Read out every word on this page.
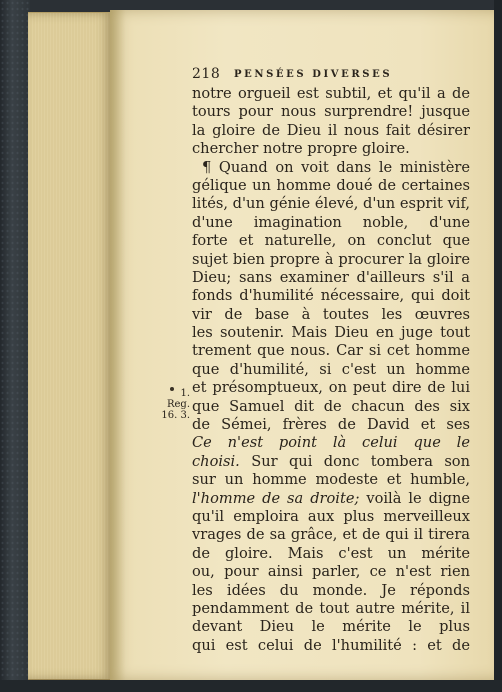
218 PENSÉES DIVERSES
1. Reg.
16. 3.
notre orgueil est subtil, et qu'il a de
tours pour nous surprendre! jusque
la gloire de Dieu il nous fait désirer
chercher notre propre gloire.
¶ Quand on voit dans le ministère
gélique un homme doué de certaines
lités, d'un génie élevé, d'un esprit vif,
d'une imagination noble, d'une
forte et naturelle, on conclut que
sujet bien propre à procurer la gloire
Dieu; sans examiner d'ailleurs s'il a
fonds d'humilité nécessaire, qui doit
vir de base à toutes les œuvres
les soutenir. Mais Dieu en juge tout
trement que nous. Car si cet homme
que d'humilité, si c'est un homme
et présomptueux, on peut dire de lui
que Samuel dit de chacun des six
de Sémei, frères de David et ses
Ce n'est point là celui que le
choisi. Sur qui donc tombera son
sur un homme modeste et humble,
l'homme de sa droite; voilà le digne
qu'il emploira aux plus merveilleux
vrages de sa grâce, et de qui il tirera
de gloire. Mais c'est un mérite
ou, pour ainsi parler, ce n'est rien
les idées du monde. Je réponds
pendamment de tout autre mérite, il
devant Dieu le mérite le plus
qui est celui de l'humilité : et de
